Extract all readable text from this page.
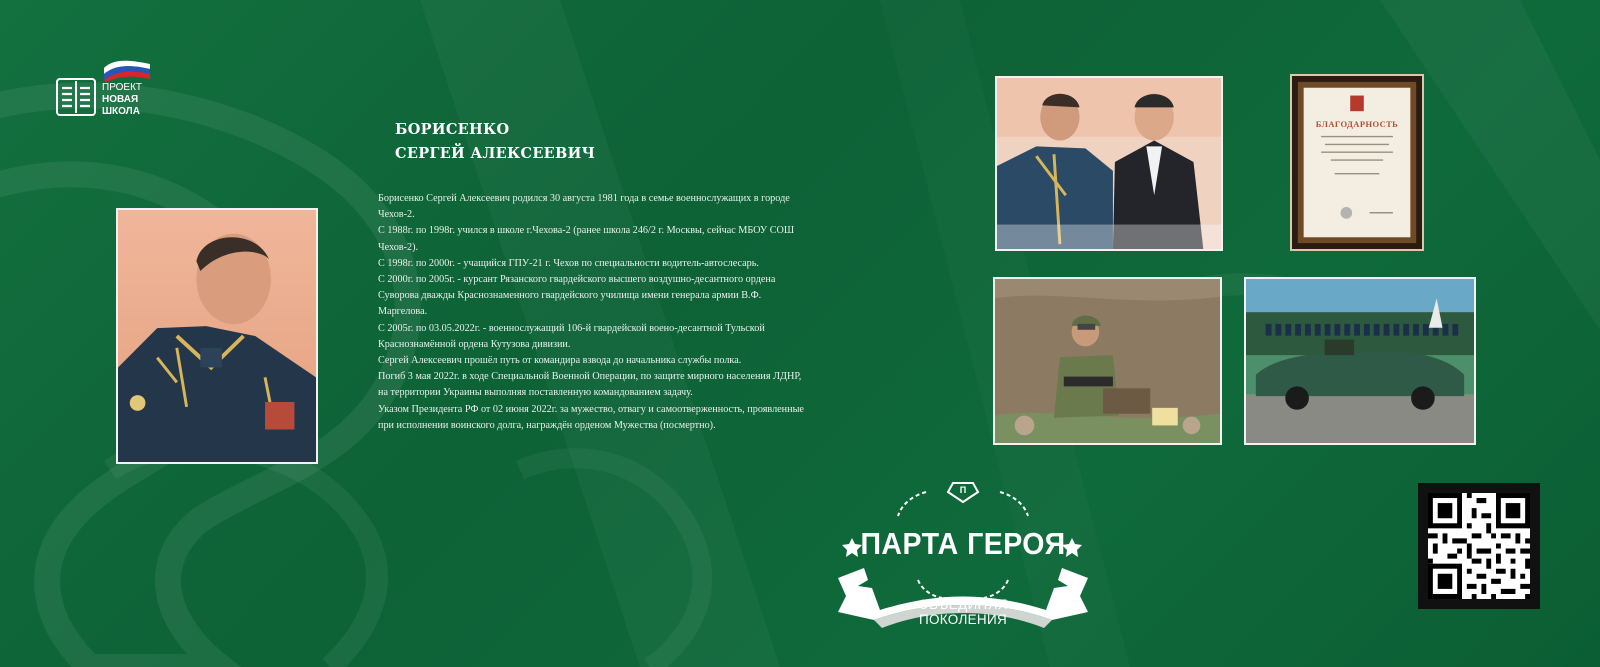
ПРОЕКТ
НОВАЯ
ШКОЛА
БОРИСЕНКО
СЕРГЕЙ АЛЕКСЕЕВИЧ

Борисенко Сергей Алексеевич родился 30 августа 1981 года в семье военнослужащих в городе Чехов-2.

С 1988г. по 1998г. учился в школе г.Чехова-2 (ранее школа 246/2 г. Москвы, сейчас МБОУ СОШ Чехов-2).

С 1998г. по 2000г. - учащийся ГПУ-21 г. Чехов по специальности водитель-автослесарь.

С 2000г. по 2005г. - курсант Рязанского гвардейского высшего воздушно-десантного ордена Суворова дважды Краснознаменного гвардейского училища имени генерала армии В.Ф. Маргелова.

С 2005г. по 03.05.2022г. - военнослужащий 106-й гвардейской воено-десантной Тульской Краснознамённой ордена Кутузова дивизии.

Сергей Алексеевич прошёл путь от командира взвода до начальника службы полка.

Погиб 3 мая 2022г. в ходе Специальной Военной Операции, по защите мирного населения ЛДНР, на территории Украины выполняя поставленную командованием задачу.

Указом Президента РФ от 02 июня 2022г. за мужество, отвагу и самоотверженность, проявленные при исполнении воинского долга, награждён орденом Мужества (посмертно).

БЛАГОДАРНОСТЬ
П
ПАРТА ГЕРОЯ
ОБЪЕДИНЯЯ ПОКОЛЕНИЯ
